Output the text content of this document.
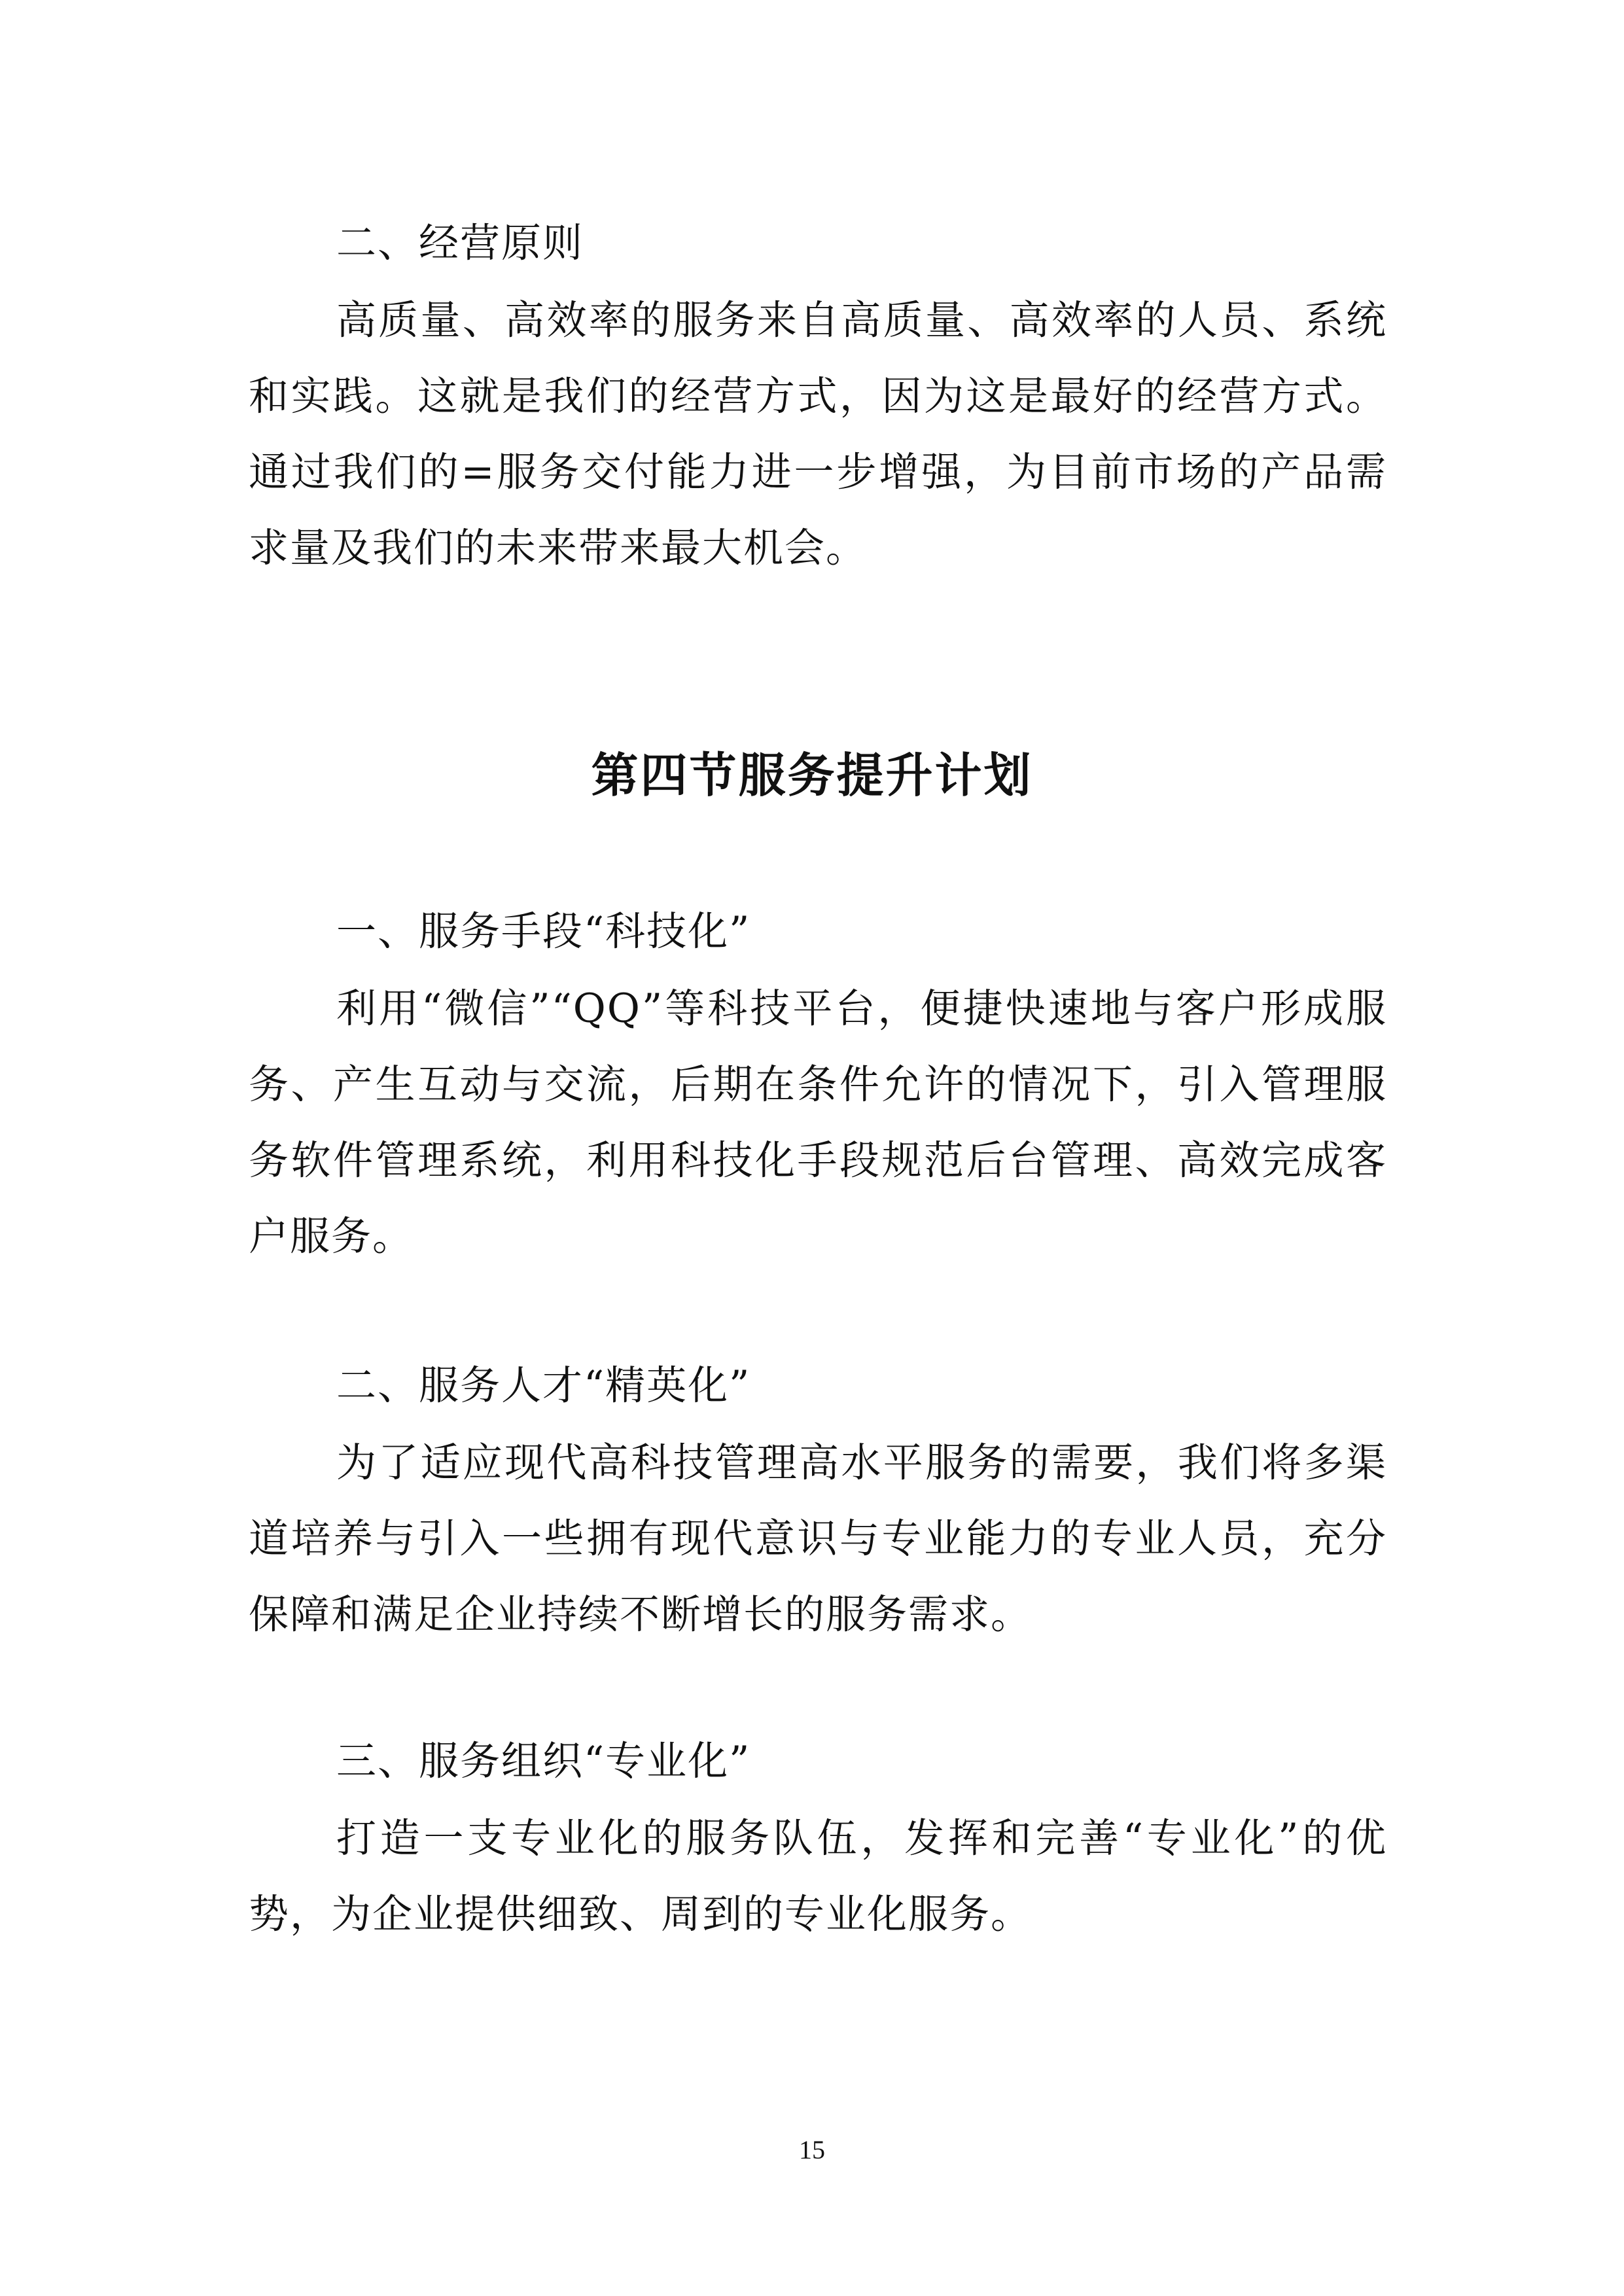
二、经营原则

高质量、高效率的服务来自高质量、高效率的人员、系统和实践。这就是我们的经营方式，因为这是最好的经营方式。通过我们的=服务交付能力进一步增强，为目前市场的产品需求量及我们的未来带来最大机会。

第四节服务提升计划

一、服务手段“科技化”

利用“微信”“QQ”等科技平台，便捷快速地与客户形成服务、产生互动与交流，后期在条件允许的情况下，引入管理服务软件管理系统，利用科技化手段规范后台管理、高效完成客户服务。

二、服务人才“精英化”

为了适应现代高科技管理高水平服务的需要，我们将多渠道培养与引入一些拥有现代意识与专业能力的专业人员，充分保障和满足企业持续不断增长的服务需求。

三、服务组织“专业化”

打造一支专业化的服务队伍，发挥和完善“专业化”的优势，为企业提供细致、周到的专业化服务。

15
